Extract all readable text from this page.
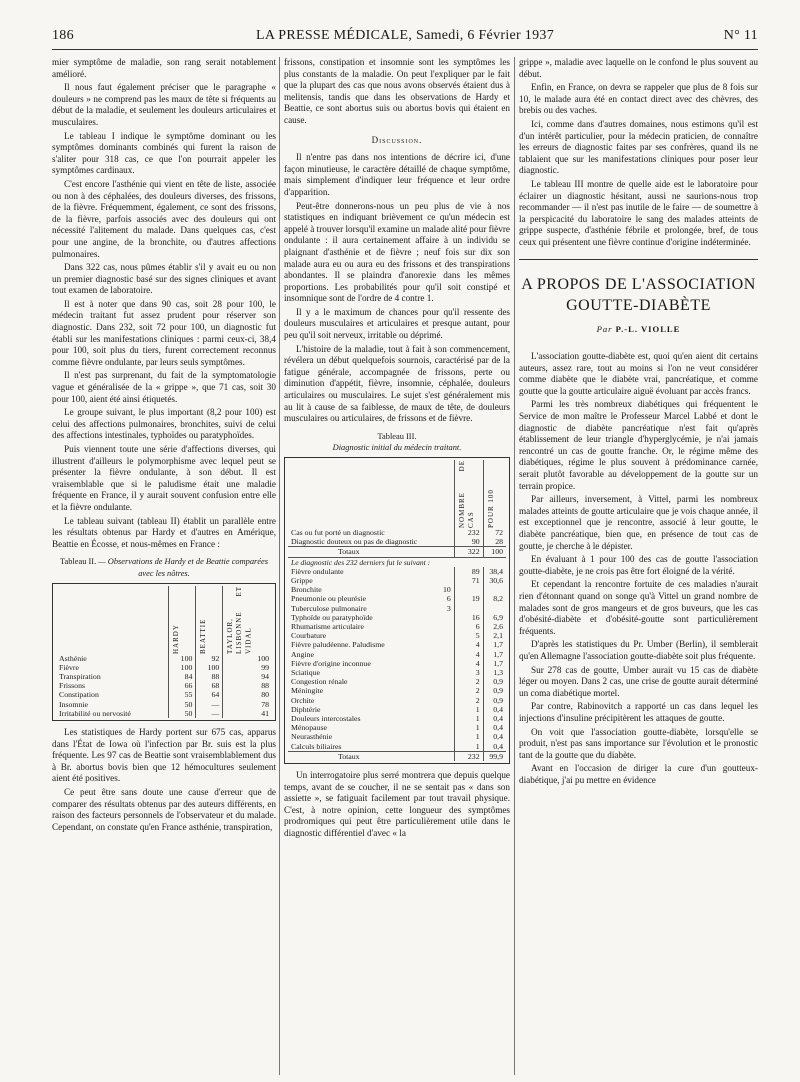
186	LA PRESSE MÉDICALE, Samedi, 6 Février 1937	N° 11

mier symptôme de maladie, son rang serait notablement amélioré.

Il nous faut également préciser que le paragraphe « douleurs » ne comprend pas les maux de tête si fréquents au début de la maladie, et seulement les douleurs articulaires et musculaires.

Le tableau I indique le symptôme dominant ou les symptômes dominants combinés qui furent la raison de s'aliter pour 318 cas, ce que l'on pourrait appeler les symptômes cardinaux.

C'est encore l'asthénie qui vient en tête de liste, associée ou non à des céphalées, des douleurs diverses, des frissons, de la fièvre. Fréquemment, également, ce sont des frissons, de la fièvre, parfois associés avec des douleurs qui ont nécessité l'alitement du malade. Dans quelques cas, c'est pour une angine, de la bronchite, ou d'autres affections pulmonaires.

Dans 322 cas, nous pûmes établir s'il y avait eu ou non un premier diagnostic basé sur des signes cliniques et avant tout examen de laboratoire.

Il est à noter que dans 90 cas, soit 28 pour 100, le médecin traitant fut assez prudent pour réserver son diagnostic. Dans 232, soit 72 pour 100, un diagnostic fut établi sur les manifestations cliniques : parmi ceux-ci, 38,4 pour 100, soit plus du tiers, furent correctement reconnus comme fièvre ondulante, par leurs seuls symptômes.

Il n'est pas surprenant, du fait de la symptomatologie vague et généralisée de la « grippe », que 71 cas, soit 30 pour 100, aient été ainsi étiquetés.

Le groupe suivant, le plus important (8,2 pour 100) est celui des affections pulmonaires, bronchites, suivi de celui des affections intestinales, typhoïdes ou paratyphoïdes.

Puis viennent toute une série d'affections diverses, qui illustrent d'ailleurs le polymorphisme avec lequel peut se présenter la fièvre ondulante, à son début. Il est vraisemblable que si le paludisme était une maladie fréquente en France, il y aurait souvent confusion entre elle et la fièvre ondulante.

Le tableau suivant (tableau II) établit un parallèle entre les résultats obtenus par Hardy et d'autres en Amérique, Beattie en Écosse, et nous-mêmes en France :

Tableau II. — Observations de Hardy et de Beattie comparées avec les nôtres.

	HARDY	BEATTIE	TAYLOR, LISBONNE ET VIDAL

Asthénie	100	92	100
Fièvre	100	100	99
Transpiration	84	88	94
Frissons	66	68	88
Constipation	55	64	80
Insomnie	50	—	78
Irritabilité ou nervosité	50	—	41

Les statistiques de Hardy portent sur 675 cas, apparus dans l'État de Iowa où l'infection par Br. suis est la plus fréquente. Les 97 cas de Beattie sont vraisemblablement dus à Br. abortus bovis bien que 12 hémocultures seulement aient été positives.

Ce peut être sans doute une cause d'erreur que de comparer des résultats obtenus par des auteurs différents, en raison des facteurs personnels de l'observateur et du malade. Cependant, on constate qu'en France asthénie, transpiration,

frissons, constipation et insomnie sont les symptômes les plus constants de la maladie. On peut l'expliquer par le fait que la plupart des cas que nous avons observés étaient dus à melitensis, tandis que dans les observations de Hardy et Beattie, ce sont abortus suis ou abortus bovis qui étaient en cause.

Discussion.

Il n'entre pas dans nos intentions de décrire ici, d'une façon minutieuse, le caractère détaillé de chaque symptôme, mais simplement d'indiquer leur fréquence et leur ordre d'apparition.

Peut-être donnerons-nous un peu plus de vie à nos statistiques en indiquant brièvement ce qu'un médecin est appelé à trouver lorsqu'il examine un malade alité pour fièvre ondulante : il aura certainement affaire à un individu se plaignant d'asthénie et de fièvre ; neuf fois sur dix son malade aura eu ou aura eu des frissons et des transpirations abondantes. Il se plaindra d'anorexie dans les mêmes proportions. Les probabilités pour qu'il soit constipé et insomnique sont de l'ordre de 4 contre 1.

Il y a le maximum de chances pour qu'il ressente des douleurs musculaires et articulaires et presque autant, pour peu qu'il soit nerveux, irritable ou déprimé.

L'histoire de la maladie, tout à fait à son commencement, révélera un début quelquefois sournois, caractérisé par de la fatigue générale, accompagnée de frissons, perte ou diminution d'appétit, fièvre, insomnie, céphalée, douleurs articulaires ou musculaires. Le sujet s'est généralement mis au lit à cause de sa faiblesse, de maux de tête, de douleurs musculaires ou articulaires, de frissons et de fièvre.

Tableau III.
Diagnostic initial du médecin traitant.

		NOMBRE DE CAS	POUR 100

Cas ou fut porté un diagnostic		232	72
Diagnostic douteux ou pas de diagnostic		90	28
Totaux		322	100
Le diagnostic des 232 derniers fut le suivant :			
Fièvre ondulante		89	38,4
Grippe		71	30,6
Bronchite	10		
Pneumonie ou pleurésie	6	19	8,2
Tuberculose pulmonaire	3		
Typhoïde ou paratyphoïde		16	6,9
Rhumatisme articulaire		6	2,6
Courbature		5	2,1
Fièvre paludéenne. Paludisme		4	1,7
Angine		4	1,7
Fièvre d'origine inconnue		4	1,7
Sciatique		3	1,3
Congestion rénale		2	0,9
Méningite		2	0,9
Orchite		2	0,9
Diphtérie		1	0,4
Douleurs intercostales		1	0,4
Ménopause		1	0,4
Neurasthénie		1	0,4
Calculs biliaires		1	0,4
Totaux		232	99,9

Un interrogatoire plus serré montrera que depuis quelque temps, avant de se coucher, il ne se sentait pas « dans son assiette », se fatiguait facilement par tout travail physique. C'est, à notre opinion, cette longueur des symptômes prodromiques qui peut être particulièrement utile dans le diagnostic différentiel d'avec « la

grippe », maladie avec laquelle on le confond le plus souvent au début.

Enfin, en France, on devra se rappeler que plus de 8 fois sur 10, le malade aura été en contact direct avec des chèvres, des brebis ou des vaches.

Ici, comme dans d'autres domaines, nous estimons qu'il est d'un intérêt particulier, pour la médecin praticien, de connaître les erreurs de diagnostic faites par ses confrères, quand ils ne tablaient que sur les manifestations cliniques pour poser leur diagnostic.

Le tableau III montre de quelle aide est le laboratoire pour éclairer un diagnostic hésitant, aussi ne saurions-nous trop recommander — il n'est pas inutile de le faire — de soumettre à la perspicacité du laboratoire le sang des malades atteints de grippe suspecte, d'asthénie fébrile et prolongée, bref, de tous ceux qui présentent une fièvre continue d'origine indéterminée.

A PROPOS DE L'ASSOCIATION
GOUTTE-DIABÈTE
Par P.-L. VIOLLE

L'association goutte-diabète est, quoi qu'en aient dit certains auteurs, assez rare, tout au moins si l'on ne veut considérer comme diabète que le diabète vrai, pancréatique, et comme goutte que la goutte articulaire aiguë évoluant par accès francs.

Parmi les très nombreux diabétiques qui fréquentent le Service de mon maître le Professeur Marcel Labbé et dont le diagnostic de diabète pancréatique n'est fait qu'après établissement de leur triangle d'hyperglycémie, je n'ai jamais rencontré un cas de goutte franche. Or, le régime même des diabétiques, régime le plus souvent à prédominance carnée, serait plutôt favorable au développement de la goutte sur un terrain propice.

Par ailleurs, inversement, à Vittel, parmi les nombreux malades atteints de goutte articulaire que je vois chaque année, il est exceptionnel que je rencontre, associé à leur goutte, le diabète pancréatique, bien que, en présence de tout cas de goutte, je cherche à le dépister.

En évaluant à 1 pour 100 des cas de goutte l'association goutte-diabète, je ne crois pas être fort éloigné de la vérité.

Et cependant la rencontre fortuite de ces maladies n'aurait rien d'étonnant quand on songe qu'à Vittel un grand nombre de malades sont de gros mangeurs et de gros buveurs, que les cas d'obésité-diabète et d'obésité-goutte sont particulièrement fréquents.

D'après les statistiques du Pr. Umber (Berlin), il semblerait qu'en Allemagne l'association goutte-diabète soit plus fréquente.

Sur 278 cas de goutte, Umber aurait vu 15 cas de diabète léger ou moyen. Dans 2 cas, une crise de goutte aurait déterminé un coma diabétique mortel.

Par contre, Rabinovitch a rapporté un cas dans lequel les injections d'insuline précipitèrent les attaques de goutte.

On voit que l'association goutte-diabète, lorsqu'elle se produit, n'est pas sans importance sur l'évolution et le pronostic tant de la goutte que du diabète.

Avant en l'occasion de diriger la cure d'un goutteux-diabétique, j'ai pu mettre en évidence
